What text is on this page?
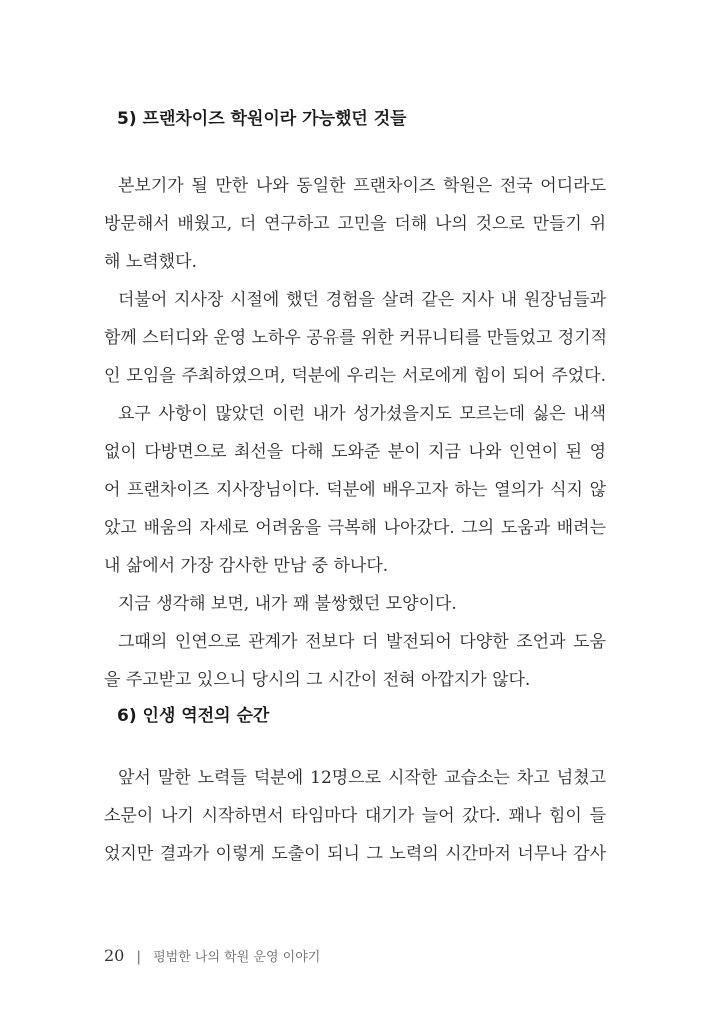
5) 프랜차이즈 학원이라 가능했던 것들
본보기가 될 만한 나와 동일한 프랜차이즈 학원은 전국 어디라도
방문해서 배웠고, 더 연구하고 고민을 더해 나의 것으로 만들기 위
해 노력했다.
더불어 지사장 시절에 했던 경험을 살려 같은 지사 내 원장님들과
함께 스터디와 운영 노하우 공유를 위한 커뮤니티를 만들었고 정기적
인 모임을 주최하였으며, 덕분에 우리는 서로에게 힘이 되어 주었다.
요구 사항이 많았던 이런 내가 성가셨을지도 모르는데 싫은 내색
없이 다방면으로 최선을 다해 도와준 분이 지금 나와 인연이 된 영
어 프랜차이즈 지사장님이다. 덕분에 배우고자 하는 열의가 식지 않
았고 배움의 자세로 어려움을 극복해 나아갔다. 그의 도움과 배려는
내 삶에서 가장 감사한 만남 중 하나다.
지금 생각해 보면, 내가 꽤 불쌍했던 모양이다.
그때의 인연으로 관계가 전보다 더 발전되어 다양한 조언과 도움
을 주고받고 있으니 당시의 그 시간이 전혀 아깝지가 않다.
6) 인생 역전의 순간
앞서 말한 노력들 덕분에 12명으로 시작한 교습소는 차고 넘쳤고
소문이 나기 시작하면서 타임마다 대기가 늘어 갔다. 꽤나 힘이 들
었지만 결과가 이렇게 도출이 되니 그 노력의 시간마저 너무나 감사
20 | 평범한 나의 학원 운영 이야기
